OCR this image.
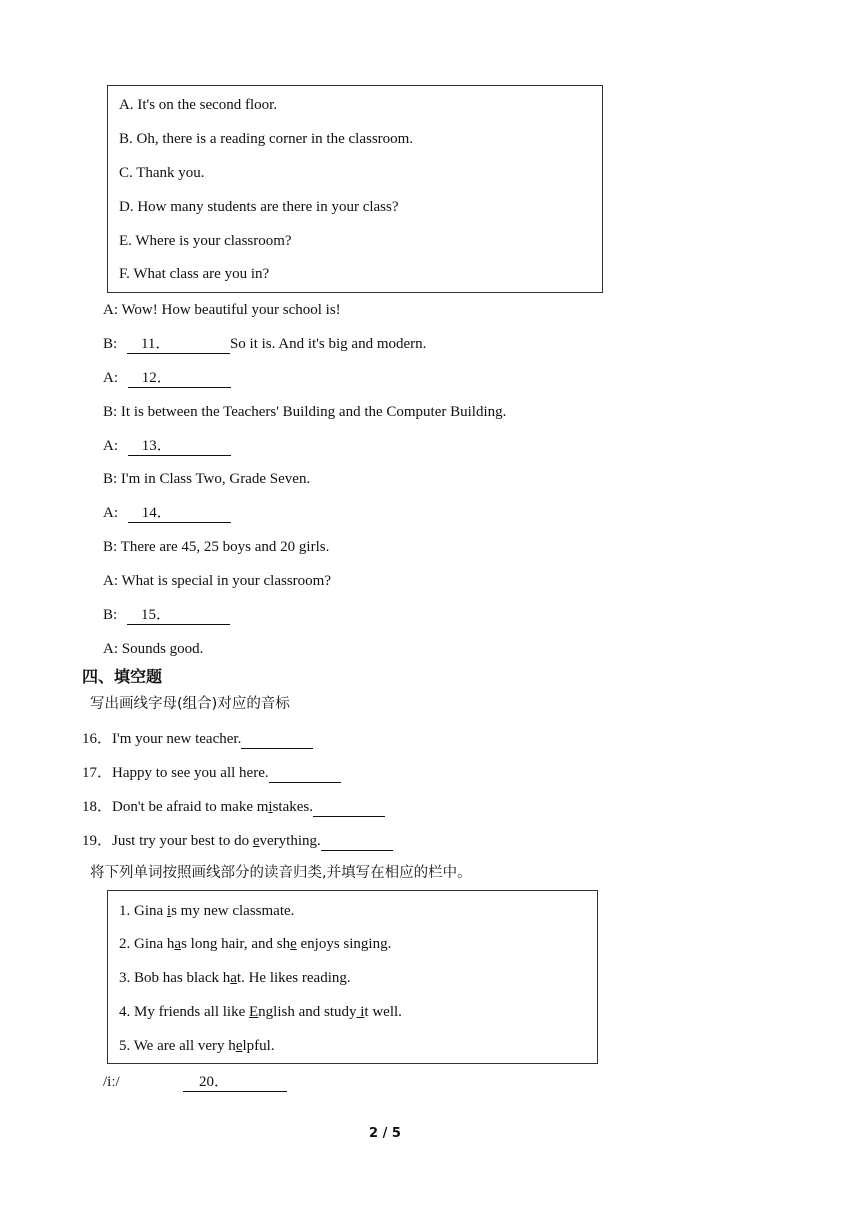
A. It's on the second floor.
B. Oh, there is a reading corner in the classroom.
C. Thank you.
D. How many students are there in your class?
E. Where is your classroom?
F. What class are you in?
A: Wow! How beautiful your school is!
B: 11．	So it is. And it's big and modern.
A: 12．
B: It is between the Teachers' Building and the Computer Building.
A: 13．
B: I'm in Class Two, Grade Seven.
A: 14．
B: There are 45, 25 boys and 20 girls.
A: What is special in your classroom?
B: 15．
A: Sounds good.
四、填空题
写出画线字母(组合)对应的音标
16．I'm your new teacher.
17．Happy to see you all here.
18．Don't be afraid to make mistakes.
19．Just try your best to do everything.
将下列单词按照画线部分的读音归类,并填写在相应的栏中。
1. Gina is my new classmate.
2. Gina has long hair, and she enjoys singing.
3. Bob has black hat. He likes reading.
4. My friends all like English and study it well.
5. We are all very helpful.
/iː/	20．
2 / 5
